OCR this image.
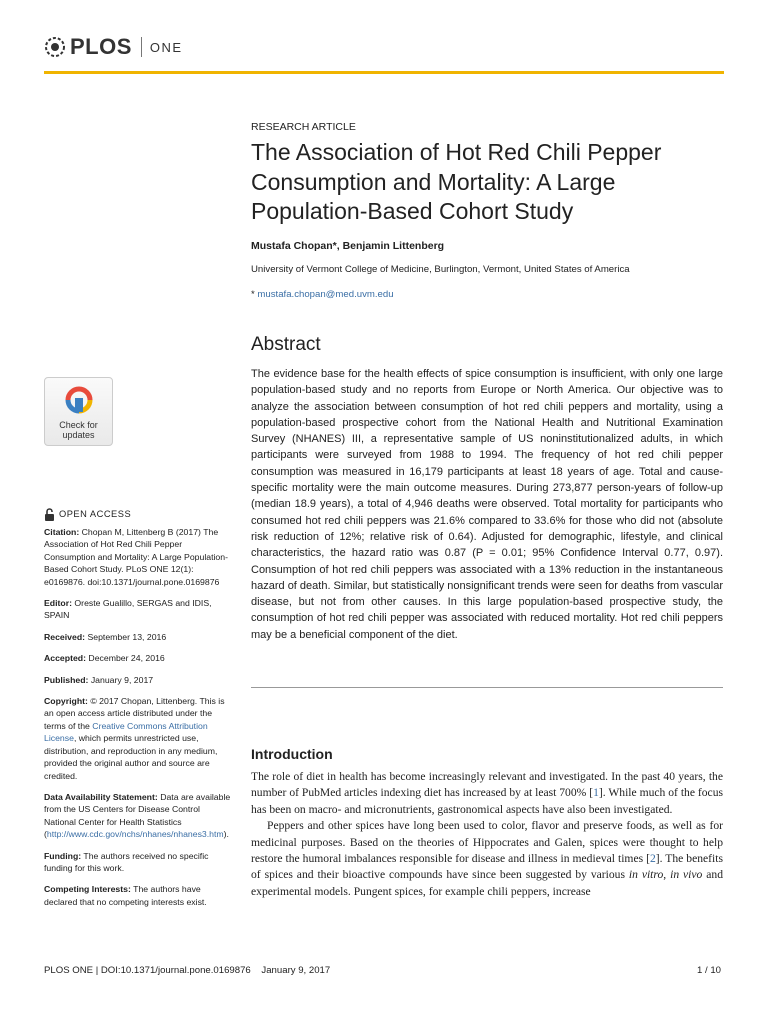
PLOS ONE
RESEARCH ARTICLE
The Association of Hot Red Chili Pepper Consumption and Mortality: A Large Population-Based Cohort Study
Mustafa Chopan*, Benjamin Littenberg
University of Vermont College of Medicine, Burlington, Vermont, United States of America
* mustafa.chopan@med.uvm.edu
Abstract

The evidence base for the health effects of spice consumption is insufficient, with only one large population-based study and no reports from Europe or North America. Our objective was to analyze the association between consumption of hot red chili peppers and mortality, using a population-based prospective cohort from the National Health and Nutritional Examination Survey (NHANES) III, a representative sample of US noninstitutionalized adults, in which participants were surveyed from 1988 to 1994. The frequency of hot red chili pepper consumption was measured in 16,179 participants at least 18 years of age. Total and cause-specific mortality were the main outcome measures. During 273,877 person-years of follow-up (median 18.9 years), a total of 4,946 deaths were observed. Total mortality for participants who consumed hot red chili peppers was 21.6% compared to 33.6% for those who did not (absolute risk reduction of 12%; relative risk of 0.64). Adjusted for demographic, lifestyle, and clinical characteristics, the hazard ratio was 0.87 (P = 0.01; 95% Confidence Interval 0.77, 0.97). Consumption of hot red chili peppers was associated with a 13% reduction in the instantaneous hazard of death. Similar, but statistically nonsignificant trends were seen for deaths from vascular disease, but not from other causes. In this large population-based prospective study, the consumption of hot red chili pepper was associated with reduced mortality. Hot red chili peppers may be a beneficial component of the diet.

Check for
updates
OPEN ACCESS
Citation: Chopan M, Littenberg B (2017) The Association of Hot Red Chili Pepper Consumption and Mortality: A Large Population-Based Cohort Study. PLoS ONE 12(1): e0169876. doi:10.1371/journal.pone.0169876
Editor: Oreste Gualillo, SERGAS and IDIS, SPAIN
Received: September 13, 2016
Accepted: December 24, 2016
Published: January 9, 2017
Copyright: © 2017 Chopan, Littenberg. This is an open access article distributed under the terms of the Creative Commons Attribution License, which permits unrestricted use, distribution, and reproduction in any medium, provided the original author and source are credited.
Data Availability Statement: Data are available from the US Centers for Disease Control National Center for Health Statistics (http://www.cdc.gov/nchs/nhanes/nhanes3.htm).
Funding: The authors received no specific funding for this work.
Competing Interests: The authors have declared that no competing interests exist.
Introduction

The role of diet in health has become increasingly relevant and investigated. In the past 40 years, the number of PubMed articles indexing diet has increased by at least 700% [1]. While much of the focus has been on macro- and micronutrients, gastronomical aspects have also been investigated.

Peppers and other spices have long been used to color, flavor and preserve foods, as well as for medicinal purposes. Based on the theories of Hippocrates and Galen, spices were thought to help restore the humoral imbalances responsible for disease and illness in medieval times [2]. The benefits of spices and their bioactive compounds have since been suggested by various in vitro, in vivo and experimental models. Pungent spices, for example chili peppers, increase

PLOS ONE | DOI:10.1371/journal.pone.0169876    January 9, 2017	1 / 10
